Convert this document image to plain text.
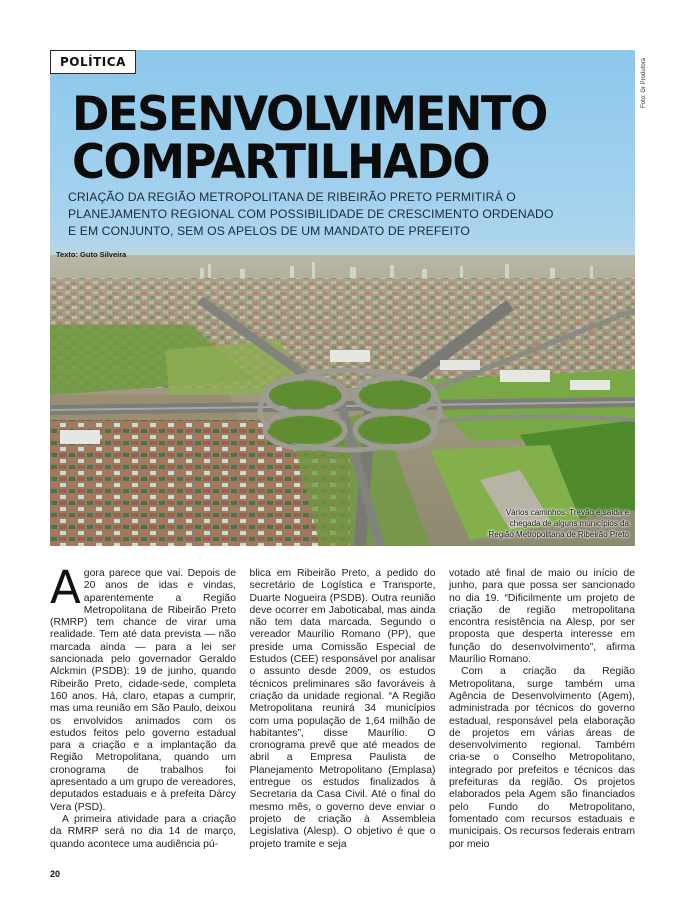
POLÍTICA
DESENVOLVIMENTO
COMPARTILHADO
CRIAÇÃO DA REGIÃO METROPOLITANA DE RIBEIRÃO PRETO PERMITIRÁ O PLANEJAMENTO REGIONAL COM POSSIBILIDADE DE CRESCIMENTO ORDENADO E EM CONJUNTO, SEM OS APELOS DE UM MANDATO DE PREFEITO
Texto: Guto Silveira
Vários caminhos: Trevão é saída e
chegada de alguns municípios da
Região Metropolitana de Ribeirão Preto
Foto: Gr Produtora

Agora parece que vai. Depois de 20 anos de idas e vindas, aparentemente a Região Metropolitana de Ribeirão Preto (RMRP) tem chance de virar uma realidade. Tem até data prevista — não marcada ainda — para a lei ser sancionada pelo governador Geraldo Alckmin (PSDB): 19 de junho, quando Ribeirão Preto, cidade-sede, completa 160 anos. Há, claro, etapas a cumprir, mas uma reunião em São Paulo, deixou os envolvidos animados com os estudos feitos pelo governo estadual para a criação e a implantação da Região Metropolitana, quando um cronograma de trabalhos foi apresentado a um grupo de vereadores, deputados estaduais e à prefeita Dárcy Vera (PSD).

A primeira atividade para a criação da RMRP será no dia 14 de março, quando acontece uma audiência pú-

blica em Ribeirão Preto, a pedido do secretário de Logística e Transporte, Duarte Nogueira (PSDB). Outra reunião deve ocorrer em Jaboticabal, mas ainda não tem data marcada. Segundo o vereador Maurílio Romano (PP), que preside uma Comissão Especial de Estudos (CEE) responsável por analisar o assunto desde 2009, os estudos técnicos preliminares são favoráveis à criação da unidade regional. “A Região Metropolitana reunirá 34 municípios com uma população de 1,64 milhão de habitantes”, disse Maurílio. O cronograma prevê que até meados de abril a Empresa Paulista de Planejamento Metropolitano (Emplasa) entregue os estudos finalizados à Secretaria da Casa Civil. Até o final do mesmo mês, o governo deve enviar o projeto de criação à Assembleia Legislativa (Alesp). O objetivo é que o projeto tramite e seja

votado até final de maio ou início de junho, para que possa ser sancionado no dia 19. “Dificilmente um projeto de criação de região metropolitana encontra resistência na Alesp, por ser proposta que desperta interesse em função do desenvolvimento”, afirma Maurílio Romano.

Com a criação da Região Metropolitana, surge também uma Agência de Desenvolvimento (Agem), administrada por técnicos do governo estadual, responsável pela elaboração de projetos em várias áreas de desenvolvimento regional. Também cria-se o Conselho Metropolitano, integrado por prefeitos e técnicos das prefeituras da região. Os projetos elaborados pela Agem são financiados pelo Fundo do Metropolitano, fomentado com recursos estaduais e municipais. Os recursos federais entram por meio

20
